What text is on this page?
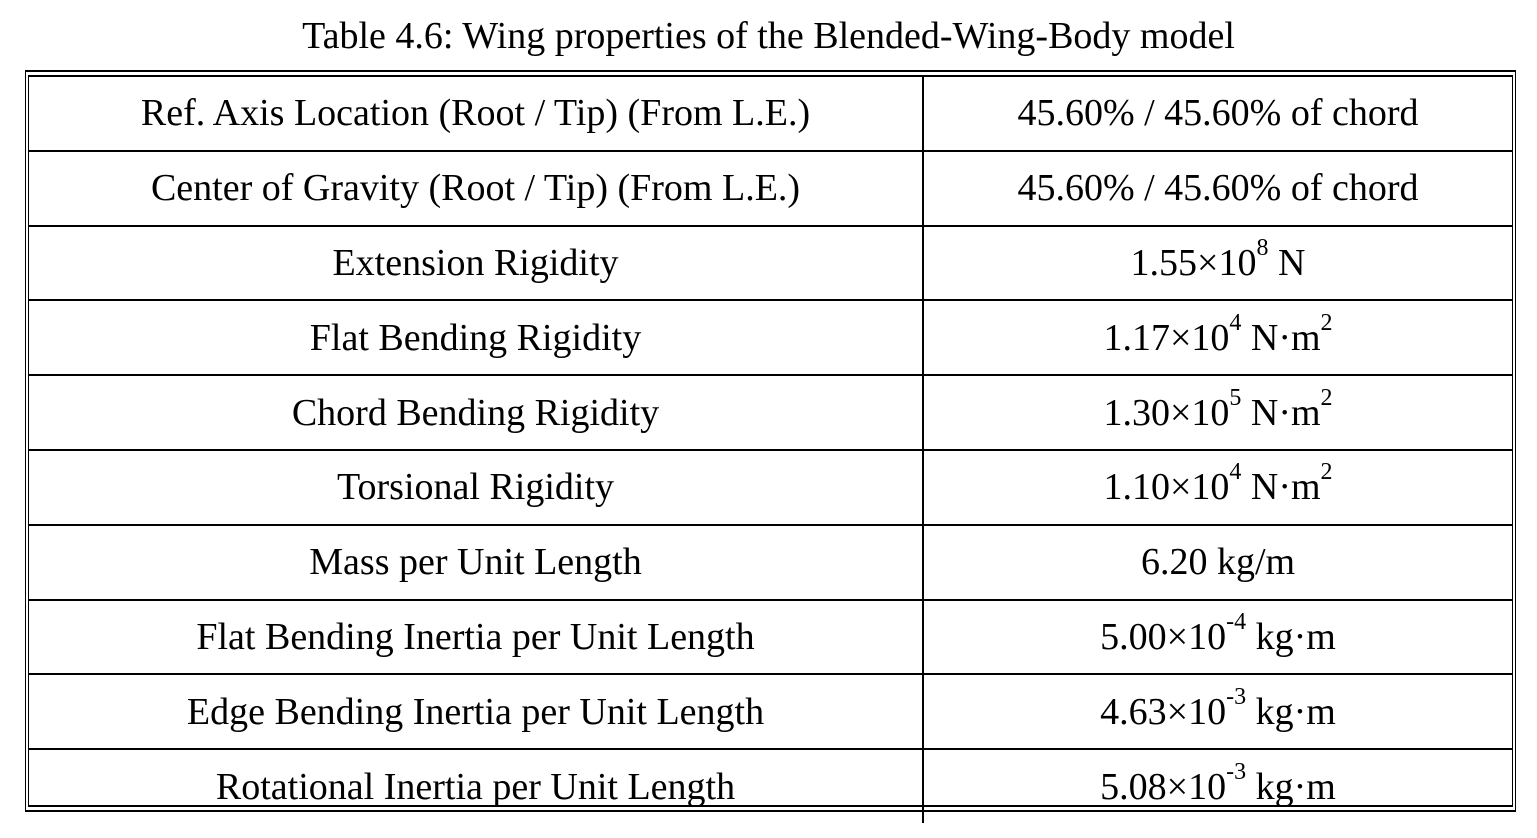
Table 4.6: Wing properties of the Blended-Wing-Body model
Ref. Axis Location (Root / Tip) (From L.E.)	45.60% / 45.60% of chord
Center of Gravity (Root / Tip) (From L.E.)	45.60% / 45.60% of chord
Extension Rigidity	$1.55\times 10^8$ N
Flat Bending Rigidity	$1.17\times 10^4$ $N\cdot m^2$
Chord Bending Rigidity	$1.30\times 10^5$ $N\cdot m^2$
Torsional Rigidity	$1.10\times 10^4$ $N\cdot m^2$
Mass per Unit Length	6.20 kg/m
Flat Bending Inertia per Unit Length	$5.00\times 10^{-4}$ kg·m
Edge Bending Inertia per Unit Length	$4.63\times 10^{-3}$ kg·m
Rotational Inertia per Unit Length	$5.08\times 10^{-3}$ kg·m
